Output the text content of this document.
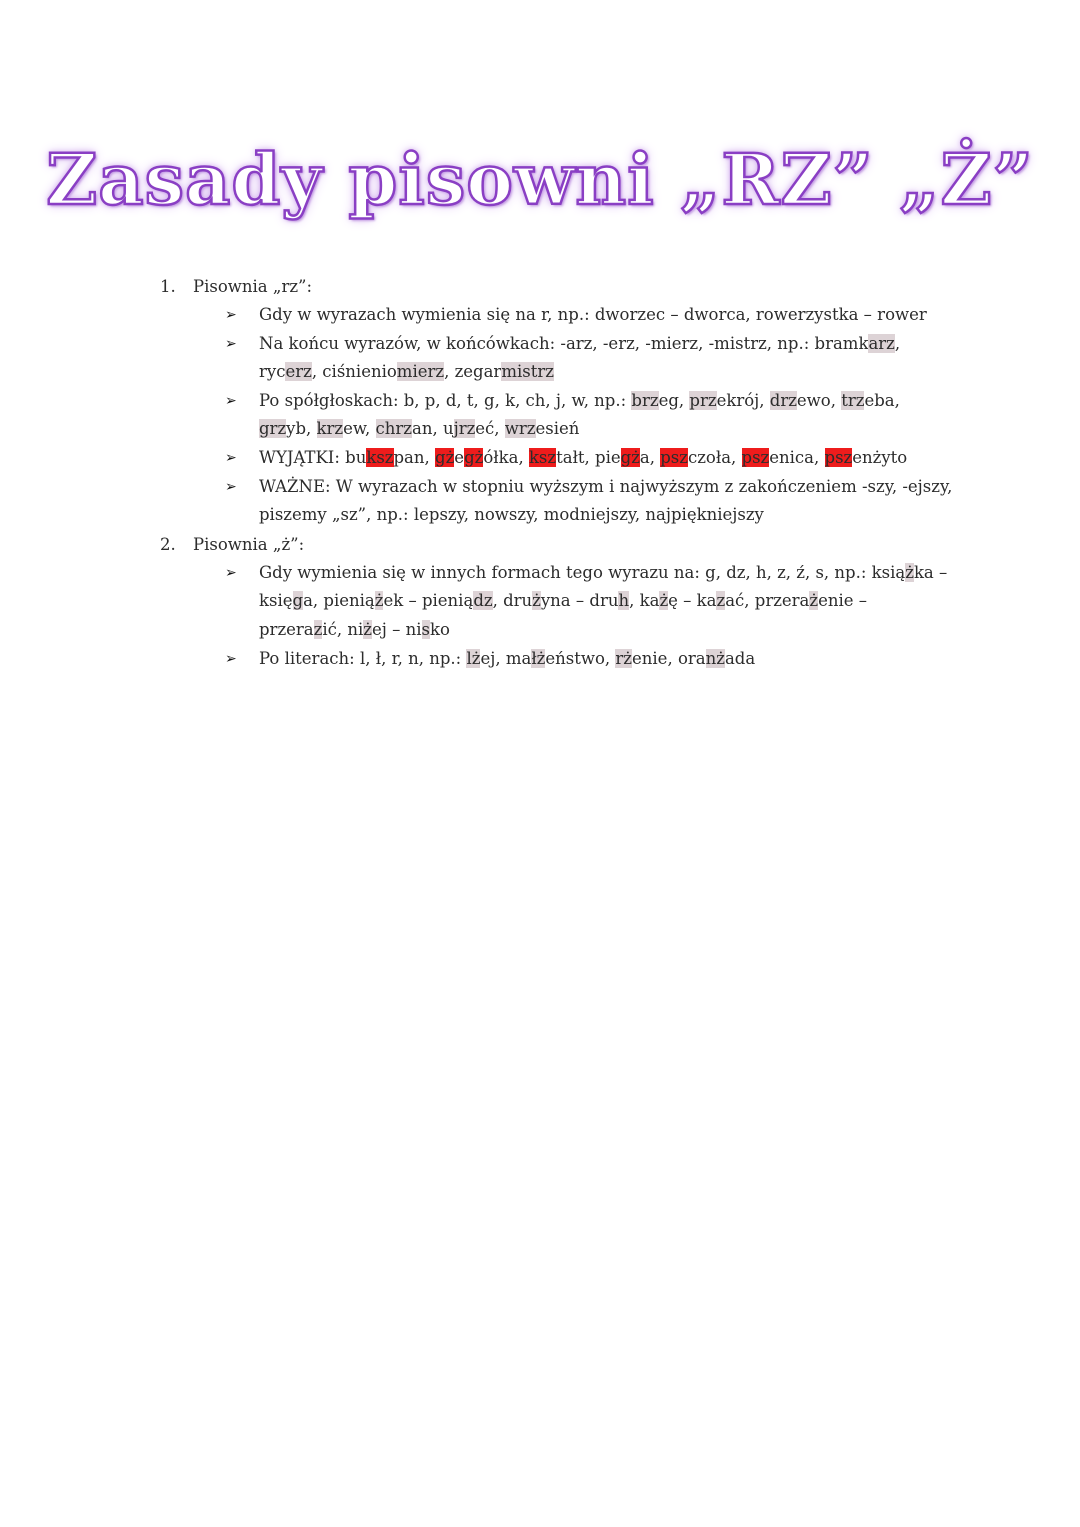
Zasady pisowni „RZ” „Ż”
1.	Pisownia „rz”:
➢ Gdy w wyrazach wymienia się na r, np.: dworzec – dworca, rowerzystka – rower
➢ Na końcu wyrazów, w końcówkach: -arz, -erz, -mierz, -mistrz, np.: bramkarz, rycerz, ciśnieniomierz, zegarmistrz
➢ Po spółgłoskach: b, p, d, t, g, k, ch, j, w, np.: brzeg, przekrój, drzewo, trzeba, grzyb, krzew, chrzan, ujrzeć, wrzesień
➢ WYJĄTKI: bukszpan, gżegżółka, kształt, piegża, pszczoła, pszenica, pszenżyto
➢ WAŻNE: W wyrazach w stopniu wyższym i najwyższym z zakończeniem -szy, -ejszy, piszemy „sz”, np.: lepszy, nowszy, modniejszy, najpiękniejszy
2.	Pisownia „ż”:
➢ Gdy wymienia się w innych formach tego wyrazu na: g, dz, h, z, ź, s, np.: książka – księga, pieniążek – pieniądz, drużyna – druh, każę – kazać, przerażenie – przerazić, niżej – nisko
➢ Po literach: l, ł, r, n, np.: lżej, małżeństwo, rżenie, oranżada
